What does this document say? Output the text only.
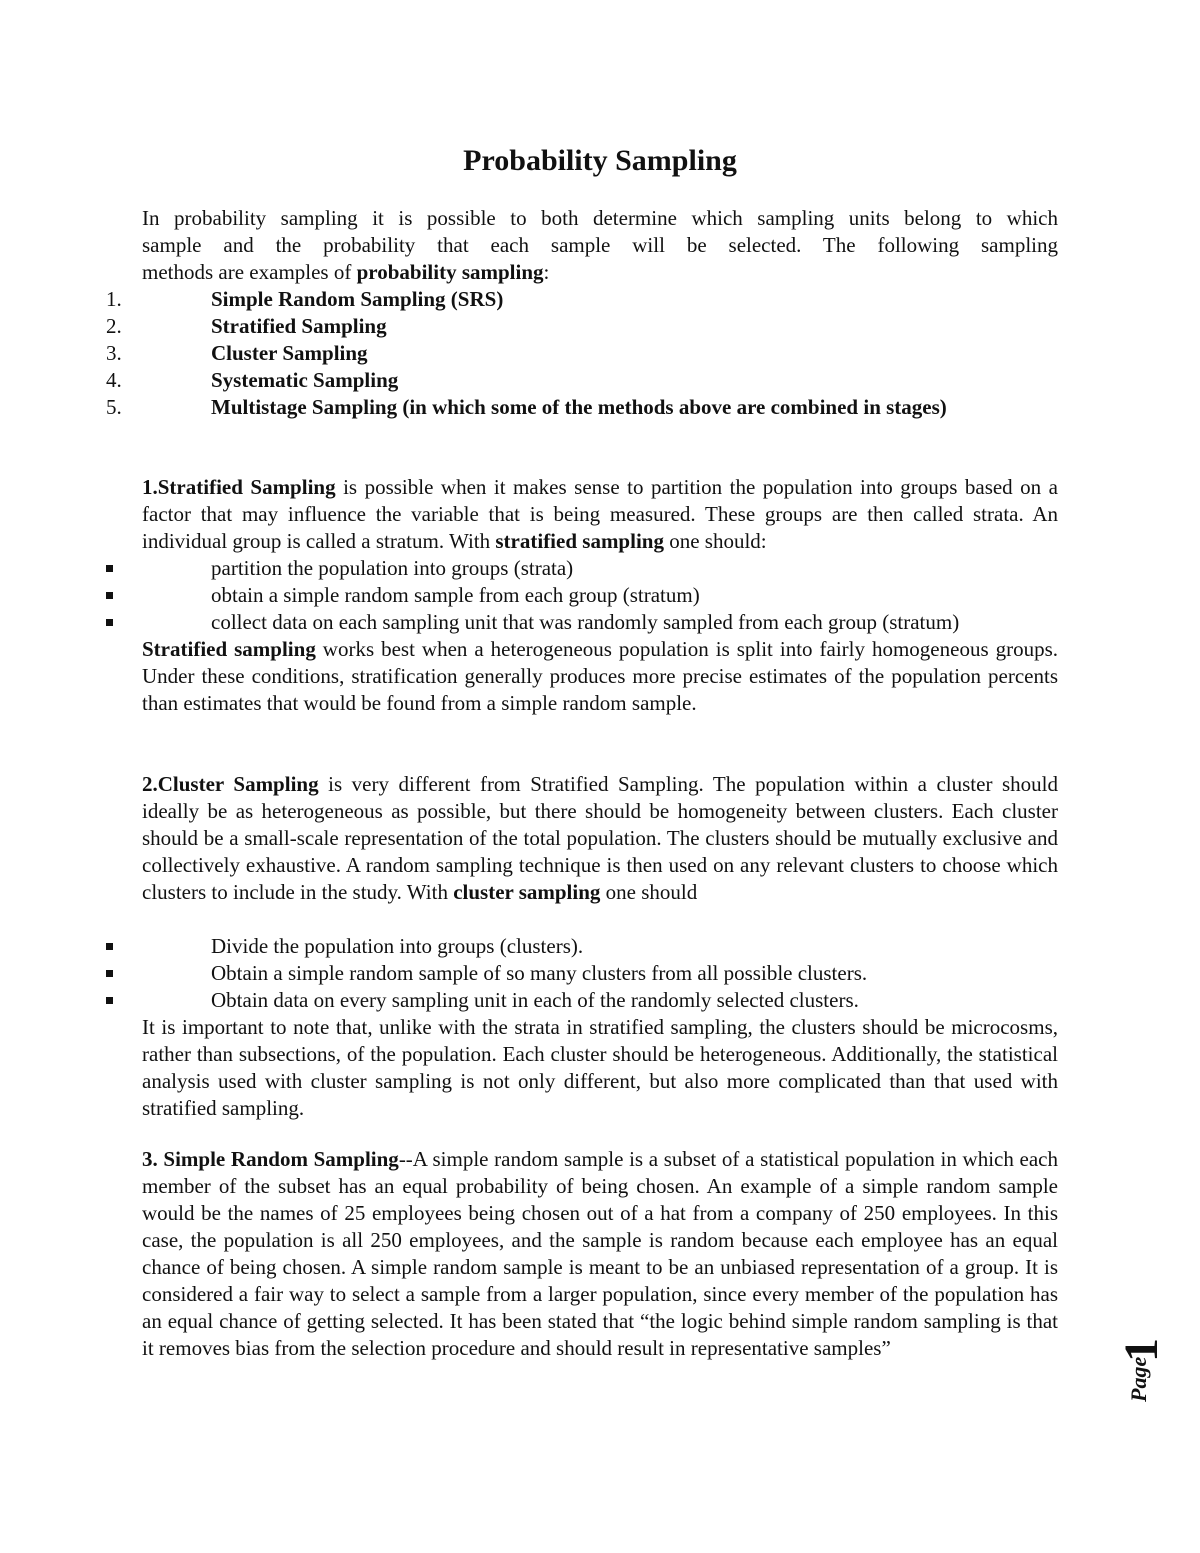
Probability Sampling
In probability sampling it is possible to both determine which sampling units belong to which
sample and the probability that each sample will be selected. The following sampling
methods are examples of probability sampling:
1.	Simple Random Sampling (SRS)
2.	Stratified Sampling
3.	Cluster Sampling
4.	Systematic Sampling
5.	Multistage Sampling (in which some of the methods above are combined in stages)
1.Stratified Sampling is possible when it makes sense to partition the population into groups based on a factor that may influence the variable that is being measured. These groups are then called strata. An individual group is called a stratum. With stratified sampling one should:
partition the population into groups (strata)
obtain a simple random sample from each group (stratum)
collect data on each sampling unit that was randomly sampled from each group (stratum)
Stratified sampling works best when a heterogeneous population is split into fairly homogeneous groups. Under these conditions, stratification generally produces more precise estimates of the population percents than estimates that would be found from a simple random sample.
2.Cluster Sampling is very different from Stratified Sampling. The population within a cluster should ideally be as heterogeneous as possible, but there should be homogeneity between clusters. Each cluster should be a small-scale representation of the total population. The clusters should be mutually exclusive and collectively exhaustive. A random sampling technique is then used on any relevant clusters to choose which clusters to include in the study. With cluster sampling one should
Divide the population into groups (clusters).
Obtain a simple random sample of so many clusters from all possible clusters.
Obtain data on every sampling unit in each of the randomly selected clusters.
It is important to note that, unlike with the strata in stratified sampling, the clusters should be microcosms, rather than subsections, of the population. Each cluster should be heterogeneous. Additionally, the statistical analysis used with cluster sampling is not only different, but also more complicated than that used with stratified sampling.
3. Simple Random Sampling--A simple random sample is a subset of a statistical population in which each member of the subset has an equal probability of being chosen. An example of a simple random sample would be the names of 25 employees being chosen out of a hat from a company of 250 employees. In this case, the population is all 250 employees, and the sample is random because each employee has an equal chance of being chosen. A simple random sample is meant to be an unbiased representation of a group. It is considered a fair way to select a sample from a larger population, since every member of the population has an equal chance of getting selected. It has been stated that “the logic behind simple random sampling is that it removes bias from the selection procedure and should result in representative samples”
Page
1
